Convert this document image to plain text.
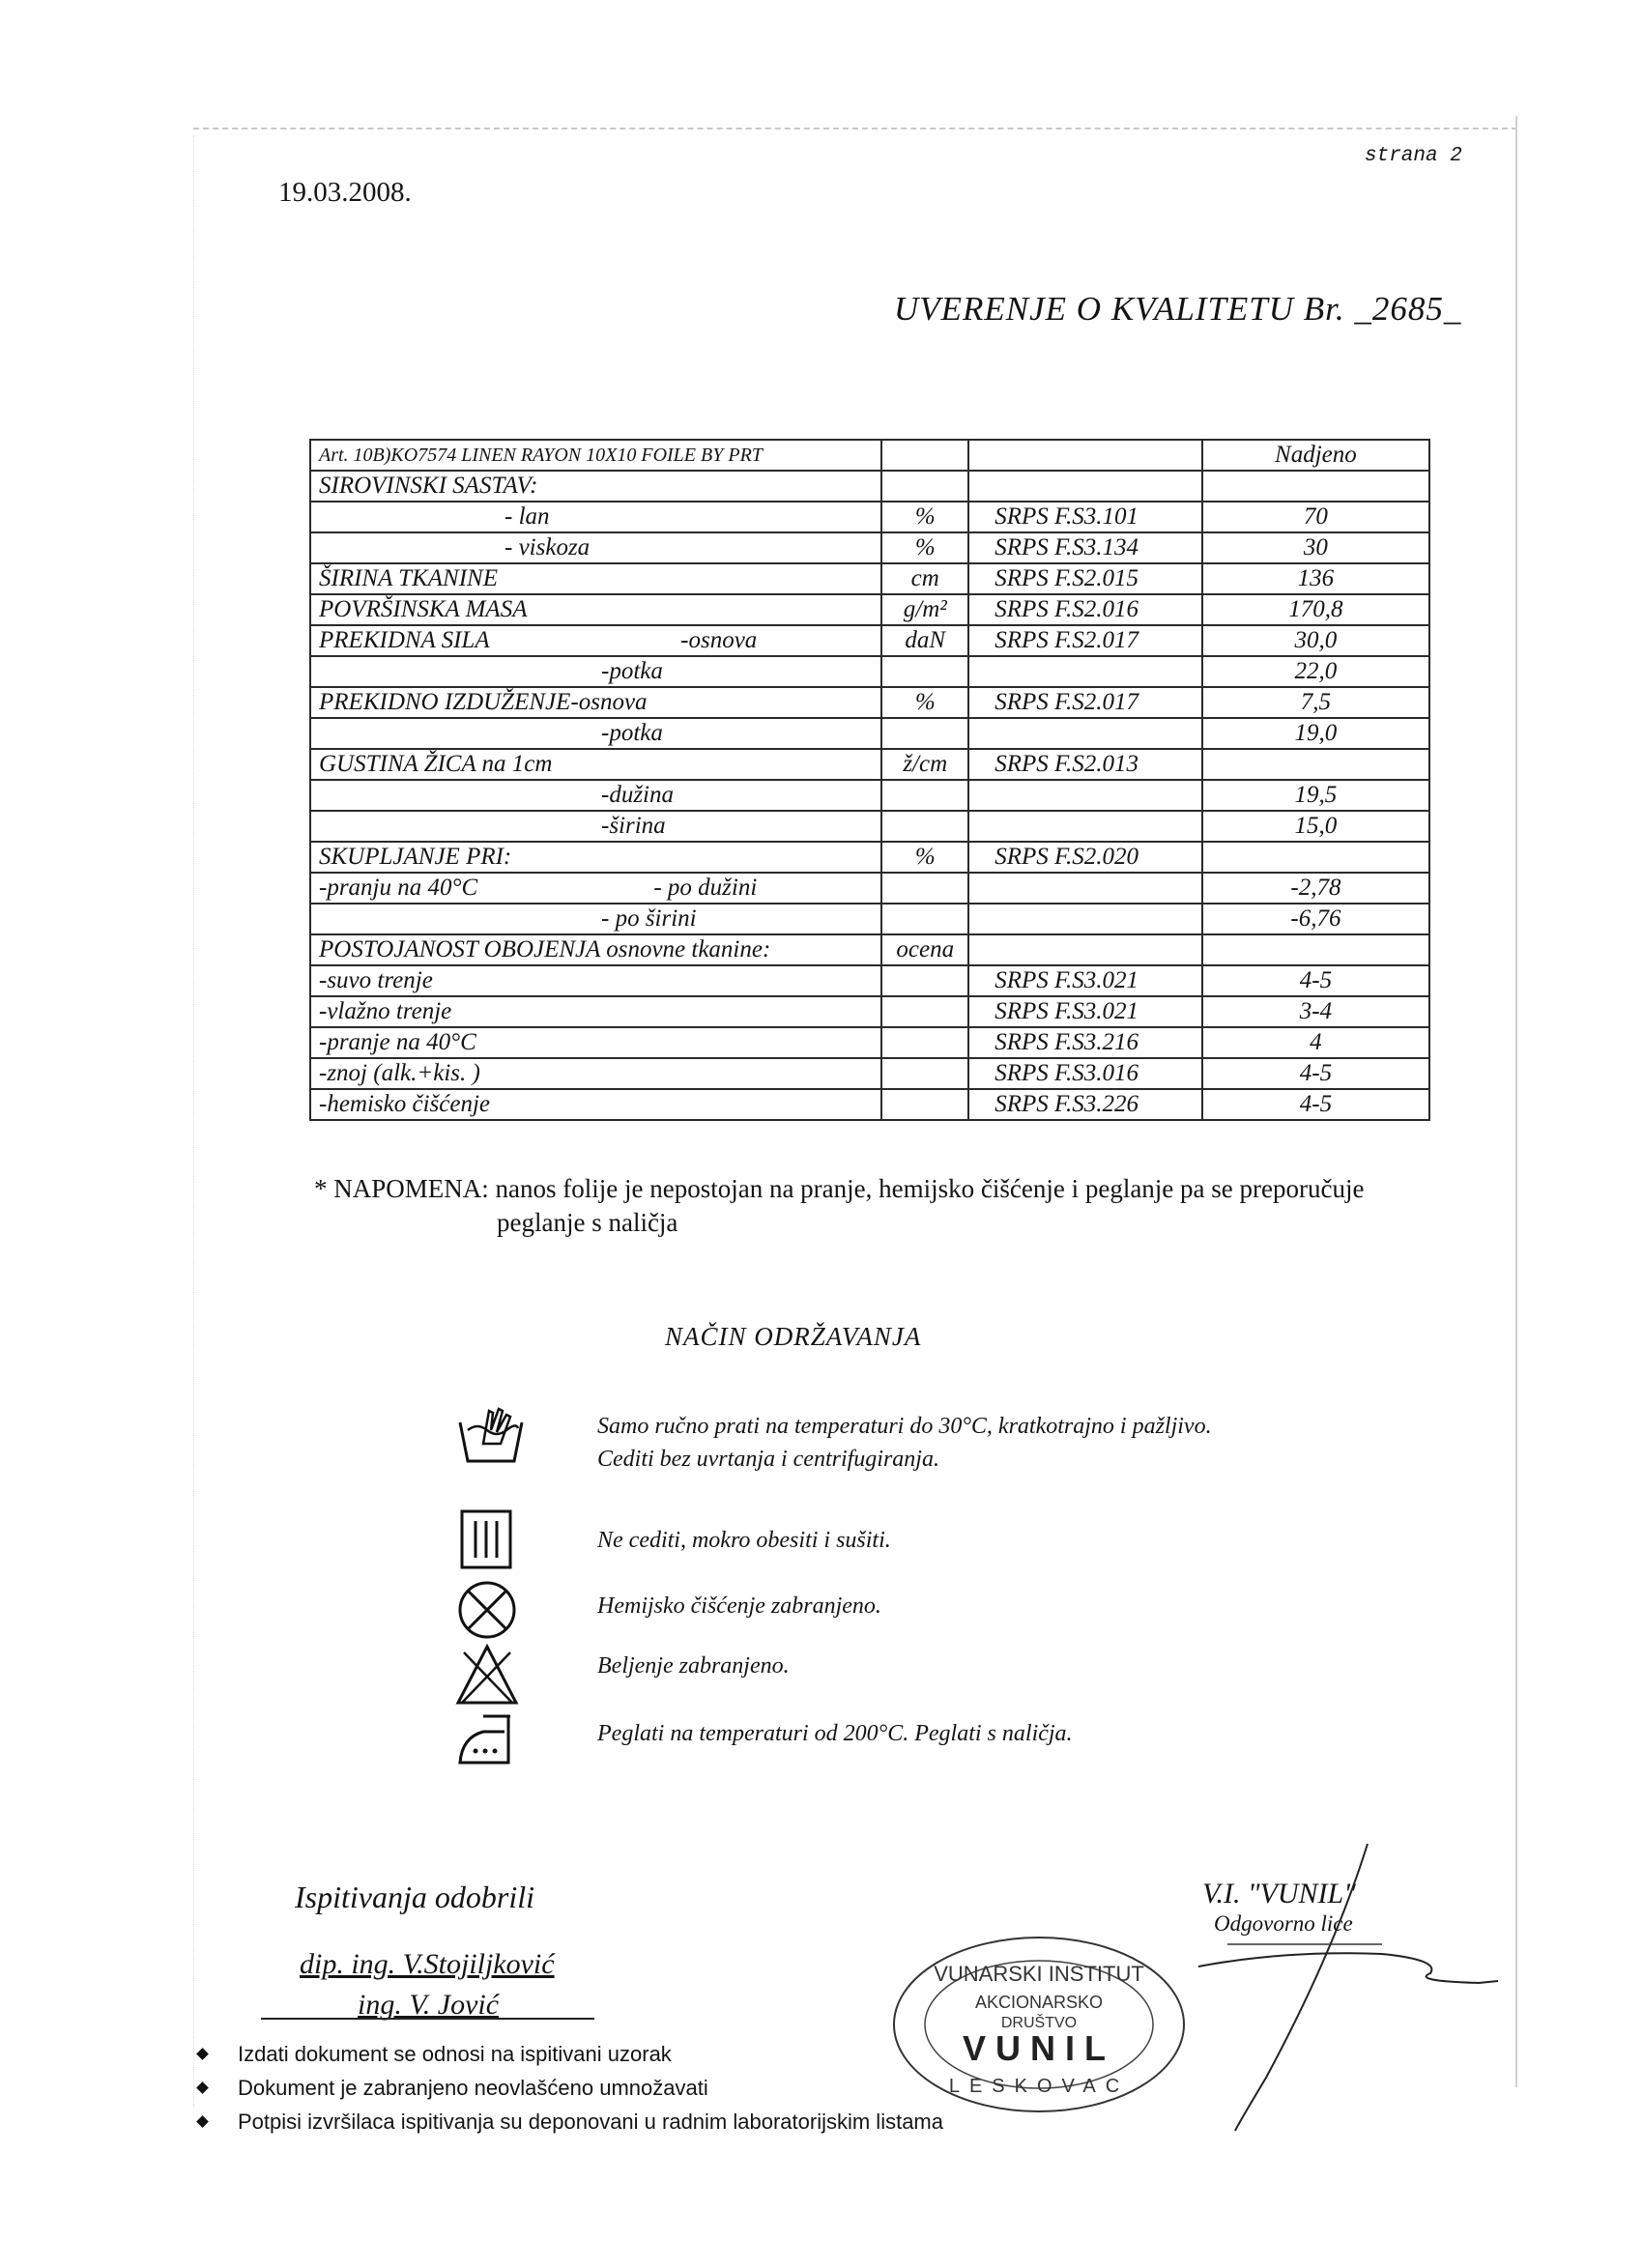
19.03.2008.
strana 2
UVERENJE O KVALITETU Br. _2685_
Art. 10B)KO7574 LINEN RAYON 10X10 FOILE BY PRT			Nadjeno
SIROVINSKI SASTAV:			
- lan	%	SRPS F.S3.101	70
- viskoza	%	SRPS F.S3.134	30
ŠIRINA TKANINE	cm	SRPS F.S2.015	136
POVRŠINSKA MASA	g/m²	SRPS F.S2.016	170,8

PREKIDNA SILA -osnova	daN	SRPS F.S2.017	30,0
-potka			22,0
PREKIDNO IZDUŽENJE-osnova	%	SRPS F.S2.017	7,5
-potka			19,0
GUSTINA ŽICA na 1cm	ž/cm	SRPS F.S2.013	
-dužina			19,5
-širina			15,0
SKUPLJANJE PRI:	%	SRPS F.S2.020	

-pranju na 40°C - po dužini			-2,78
- po širini			-6,76
POSTOJANOST OBOJENJA osnovne tkanine:	ocena		
-suvo trenje		SRPS F.S3.021	4-5
-vlažno trenje		SRPS F.S3.021	3-4
-pranje na 40°C		SRPS F.S3.216	4
-znoj (alk.+kis. )		SRPS F.S3.016	4-5
-hemisko čišćenje		SRPS F.S3.226	4-5
* NAPOMENA: nanos folije je nepostojan na pranje, hemijsko čišćenje i peglanje pa se preporučuje
peglanje s naličja
NAČIN ODRŽAVANJA
Samo ručno prati na temperaturi do 30°C, kratkotrajno i pažljivo.
Cediti bez uvrtanja i centrifugiranja.
Ne cediti, mokro obesiti i sušiti.
Hemijsko čišćenje zabranjeno.
Beljenje zabranjeno.
Peglati na temperaturi od 200°C. Peglati s naličja.
Ispitivanja odobrili
dip. ing. V.Stojiljković
ing. V. Jović
V.I. "VUNIL"
Odgovorno lice
VUNARSKI INSTITUT
AKCIONARSKO
DRUŠTVO
VUNIL
LESKOVAC
Izdati dokument se odnosi na ispitivani uzorak
Dokument je zabranjeno neovlašćeno umnožavati
Potpisi izvršilaca ispitivanja su deponovani u radnim laboratorijskim listama
